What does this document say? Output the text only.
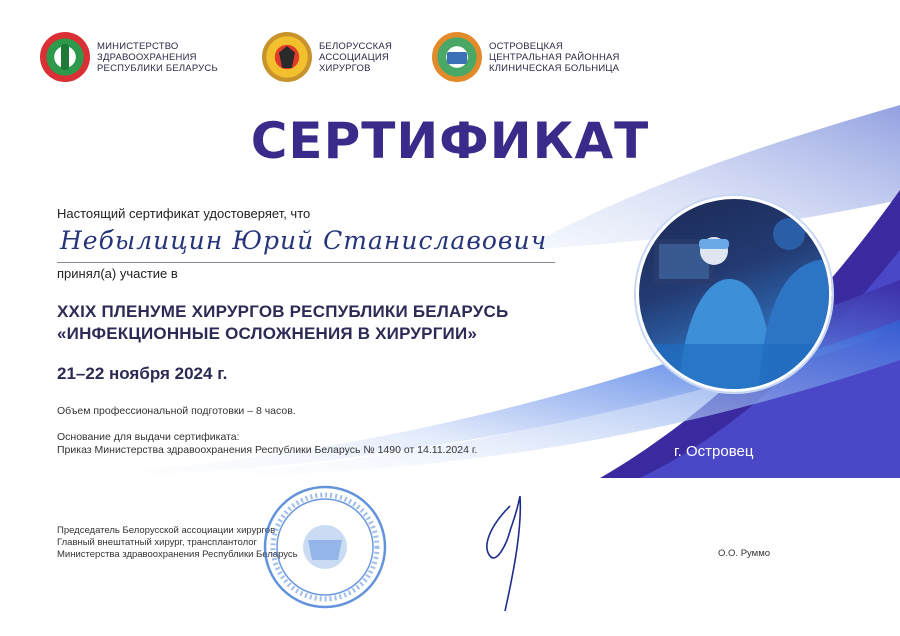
МИНИСТЕРСТВО
ЗДРАВООХРАНЕНИЯ
РЕСПУБЛИКИ БЕЛАРУСЬ
БЕЛОРУССКАЯ
АССОЦИАЦИЯ
ХИРУРГОВ
ОСТРОВЕЦКАЯ
ЦЕНТРАЛЬНАЯ РАЙОННАЯ
КЛИНИЧЕСКАЯ БОЛЬНИЦА
СЕРТИФИКАТ
Настоящий сертификат удостоверяет, что
Небылицин Юрий Станиславович
принял(а) участие в
XXIX ПЛЕНУМЕ ХИРУРГОВ РЕСПУБЛИКИ БЕЛАРУСЬ
«ИНФЕКЦИОННЫЕ ОСЛОЖНЕНИЯ В ХИРУРГИИ»
21–22 ноября 2024 г.
Объем профессиональной подготовки – 8 часов.
Основание для выдачи сертификата:
Приказ Министерства здравоохранения Республики Беларусь № 1490 от 14.11.2024 г.	г. Островец
Председатель Белорусской ассоциации хирургов
Главный внештатный хирург, трансплантолог
Министерства здравоохранения Республики Беларусь	О.О. Руммо
